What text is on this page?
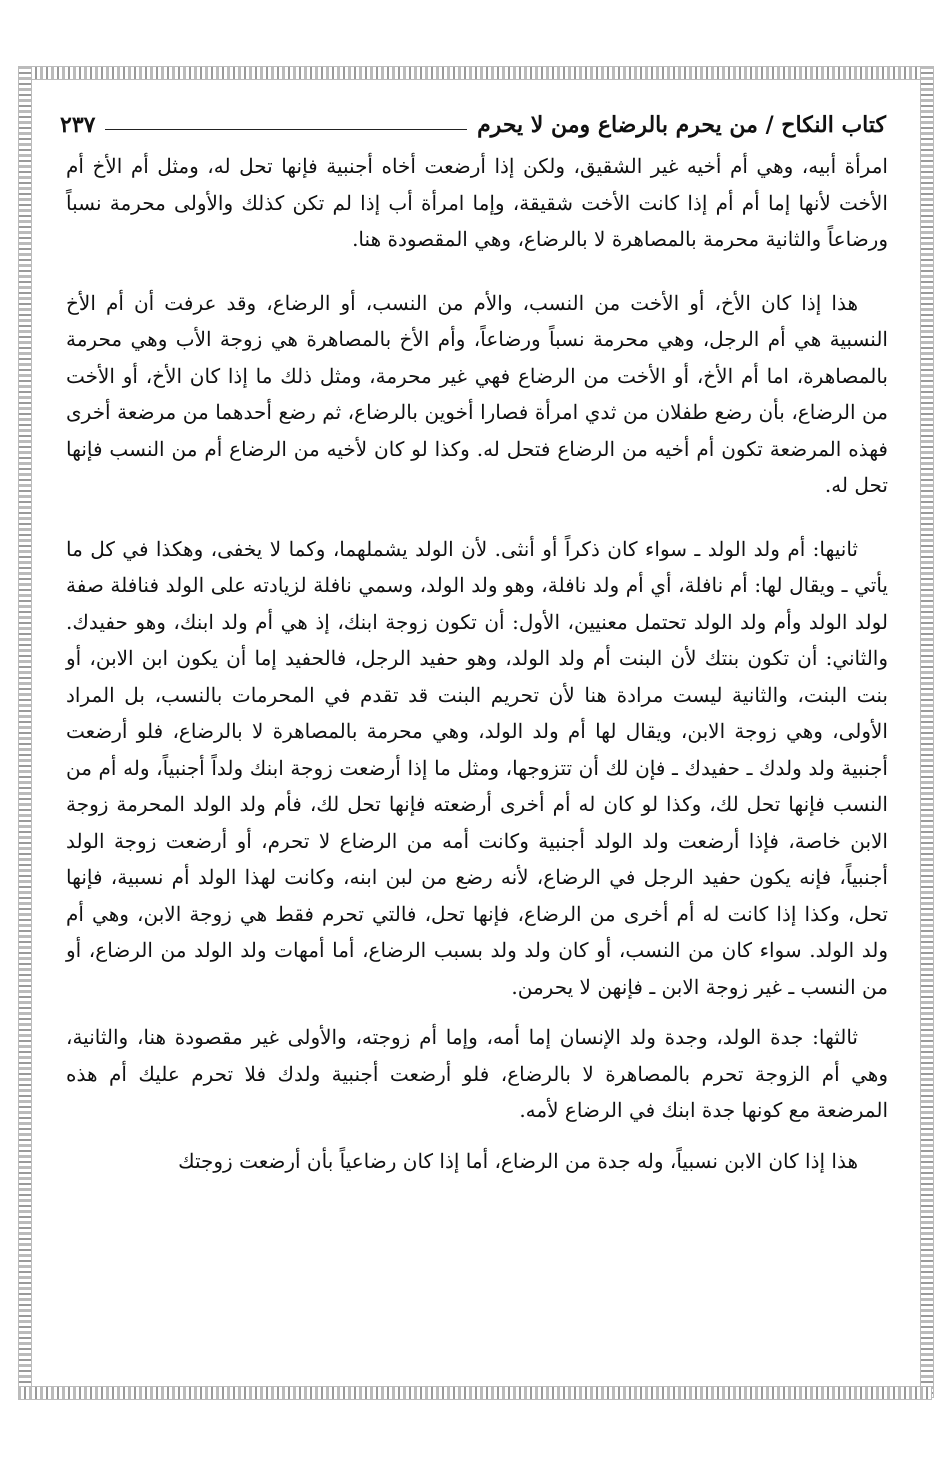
كتاب النكاح / من يحرم بالرضاع ومن لا يحرم
٢٣٧

امرأة أبيه، وهي أم أخيه غير الشقيق، ولكن إذا أرضعت أخاه أجنبية فإنها تحل له، ومثل أم الأخ أم الأخت لأنها إما أم أم إذا كانت الأخت شقيقة، وإما امرأة أب إذا لم تكن كذلك والأولى محرمة نسباً ورضاعاً والثانية محرمة بالمصاهرة لا بالرضاع، وهي المقصودة هنا.

هذا إذا كان الأخ، أو الأخت من النسب، والأم من النسب، أو الرضاع، وقد عرفت أن أم الأخ النسبية هي أم الرجل، وهي محرمة نسباً ورضاعاً، وأم الأخ بالمصاهرة هي زوجة الأب وهي محرمة بالمصاهرة، اما أم الأخ، أو الأخت من الرضاع فهي غير محرمة، ومثل ذلك ما إذا كان الأخ، أو الأخت من الرضاع، بأن رضع طفلان من ثدي امرأة فصارا أخوين بالرضاع، ثم رضع أحدهما من مرضعة أخرى فهذه المرضعة تكون أم أخيه من الرضاع فتحل له. وكذا لو كان لأخيه من الرضاع أم من النسب فإنها تحل له.

ثانيها: أم ولد الولد ـ سواء كان ذكراً أو أنثى. لأن الولد يشملهما، وكما لا يخفى، وهكذا في كل ما يأتي ـ ويقال لها: أم نافلة، أي أم ولد نافلة، وهو ولد الولد، وسمي نافلة لزيادته على الولد فنافلة صفة لولد الولد وأم ولد الولد تحتمل معنيين، الأول: أن تكون زوجة ابنك، إذ هي أم ولد ابنك، وهو حفيدك. والثاني: أن تكون بنتك لأن البنت أم ولد الولد، وهو حفيد الرجل، فالحفيد إما أن يكون ابن الابن، أو بنت البنت، والثانية ليست مرادة هنا لأن تحريم البنت قد تقدم في المحرمات بالنسب، بل المراد الأولى، وهي زوجة الابن، ويقال لها أم ولد الولد، وهي محرمة بالمصاهرة لا بالرضاع، فلو أرضعت أجنبية ولد ولدك ـ حفيدك ـ فإن لك أن تتزوجها، ومثل ما إذا أرضعت زوجة ابنك ولداً أجنبياً، وله أم من النسب فإنها تحل لك، وكذا لو كان له أم أخرى أرضعته فإنها تحل لك، فأم ولد الولد المحرمة زوجة الابن خاصة، فإذا أرضعت ولد الولد أجنبية وكانت أمه من الرضاع لا تحرم، أو أرضعت زوجة الولد أجنبياً، فإنه يكون حفيد الرجل في الرضاع، لأنه رضع من لبن ابنه، وكانت لهذا الولد أم نسبية، فإنها تحل، وكذا إذا كانت له أم أخرى من الرضاع، فإنها تحل، فالتي تحرم فقط هي زوجة الابن، وهي أم ولد الولد. سواء كان من النسب، أو كان ولد ولد بسبب الرضاع، أما أمهات ولد الولد من الرضاع، أو من النسب ـ غير زوجة الابن ـ فإنهن لا يحرمن.

ثالثها: جدة الولد، وجدة ولد الإنسان إما أمه، وإما أم زوجته، والأولى غير مقصودة هنا، والثانية، وهي أم الزوجة تحرم بالمصاهرة لا بالرضاع، فلو أرضعت أجنبية ولدك فلا تحرم عليك أم هذه المرضعة مع كونها جدة ابنك في الرضاع لأمه.

هذا إذا كان الابن نسبياً، وله جدة من الرضاع، أما إذا كان رضاعياً بأن أرضعت زوجتك
